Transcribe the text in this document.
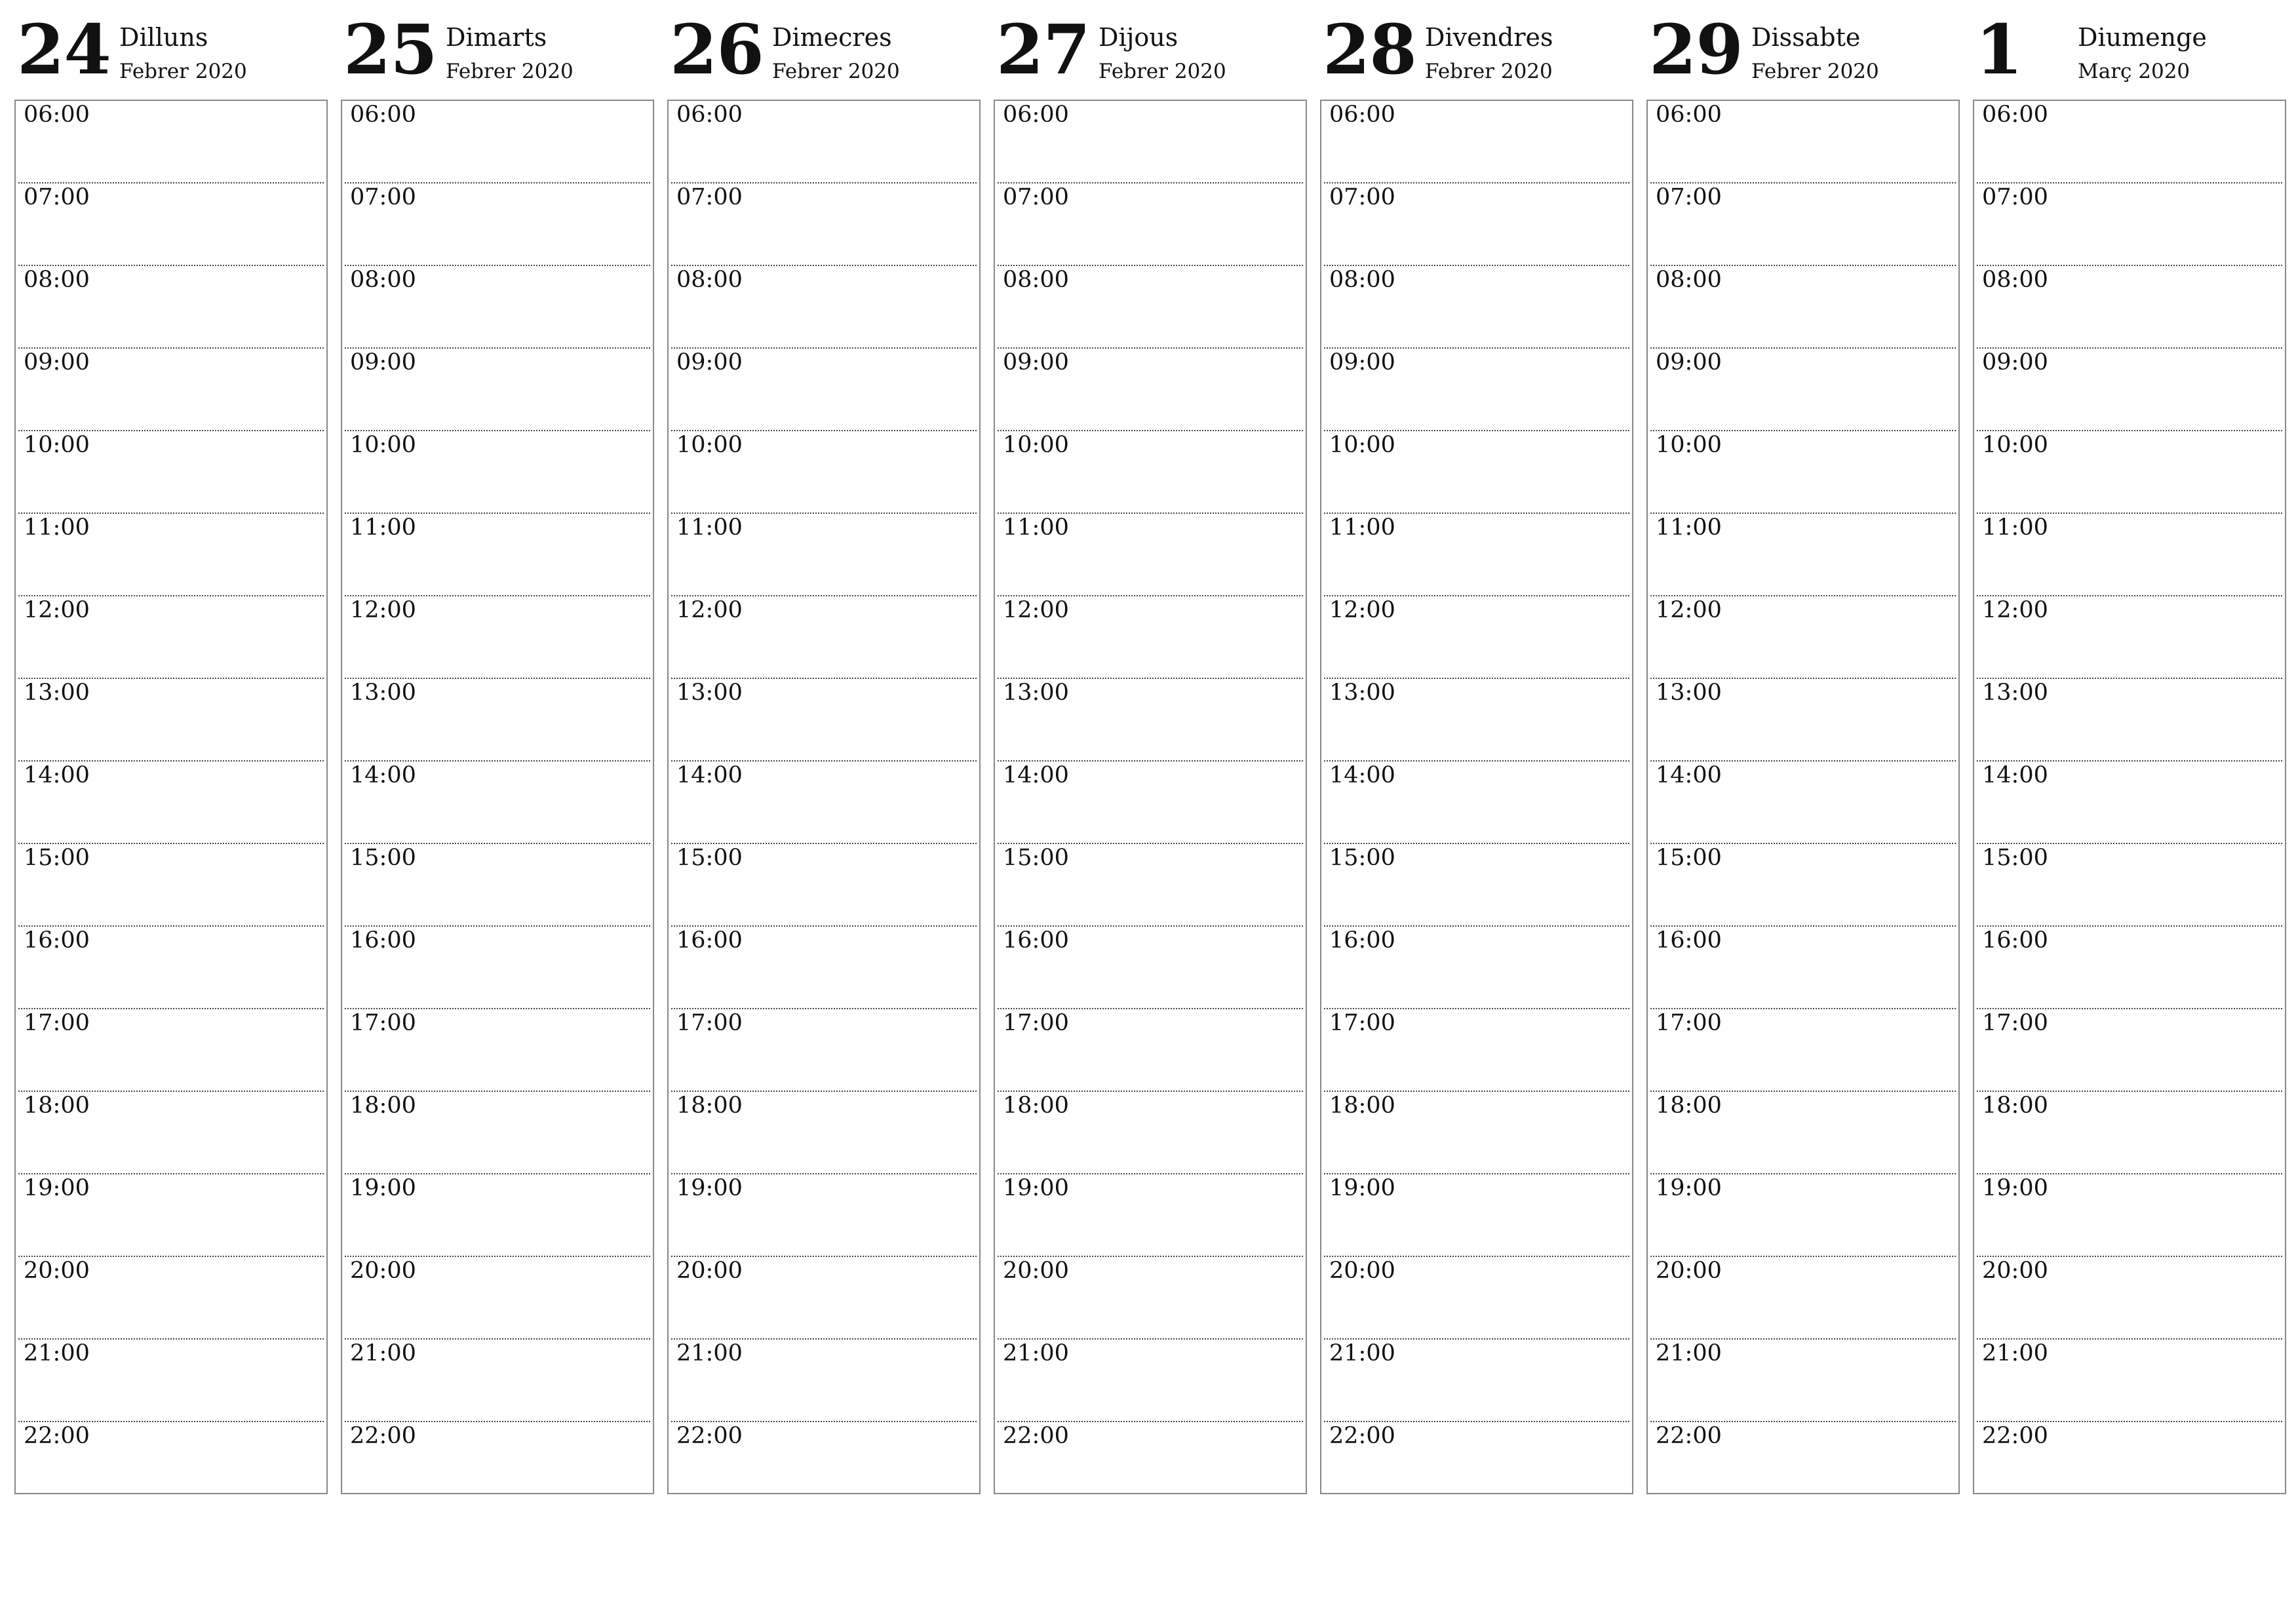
24 Dilluns
Febrer 2020
06:00
07:00
08:00
09:00
10:00
11:00
12:00
13:00
14:00
15:00
16:00
17:00
18:00
19:00
20:00
21:00
22:00
25 Dimarts
Febrer 2020
06:00
07:00
08:00
09:00
10:00
11:00
12:00
13:00
14:00
15:00
16:00
17:00
18:00
19:00
20:00
21:00
22:00
26 Dimecres
Febrer 2020
06:00
07:00
08:00
09:00
10:00
11:00
12:00
13:00
14:00
15:00
16:00
17:00
18:00
19:00
20:00
21:00
22:00
27 Dijous
Febrer 2020
06:00
07:00
08:00
09:00
10:00
11:00
12:00
13:00
14:00
15:00
16:00
17:00
18:00
19:00
20:00
21:00
22:00
28 Divendres
Febrer 2020
06:00
07:00
08:00
09:00
10:00
11:00
12:00
13:00
14:00
15:00
16:00
17:00
18:00
19:00
20:00
21:00
22:00
29 Dissabte
Febrer 2020
06:00
07:00
08:00
09:00
10:00
11:00
12:00
13:00
14:00
15:00
16:00
17:00
18:00
19:00
20:00
21:00
22:00
1 Diumenge
Març 2020
06:00
07:00
08:00
09:00
10:00
11:00
12:00
13:00
14:00
15:00
16:00
17:00
18:00
19:00
20:00
21:00
22:00
